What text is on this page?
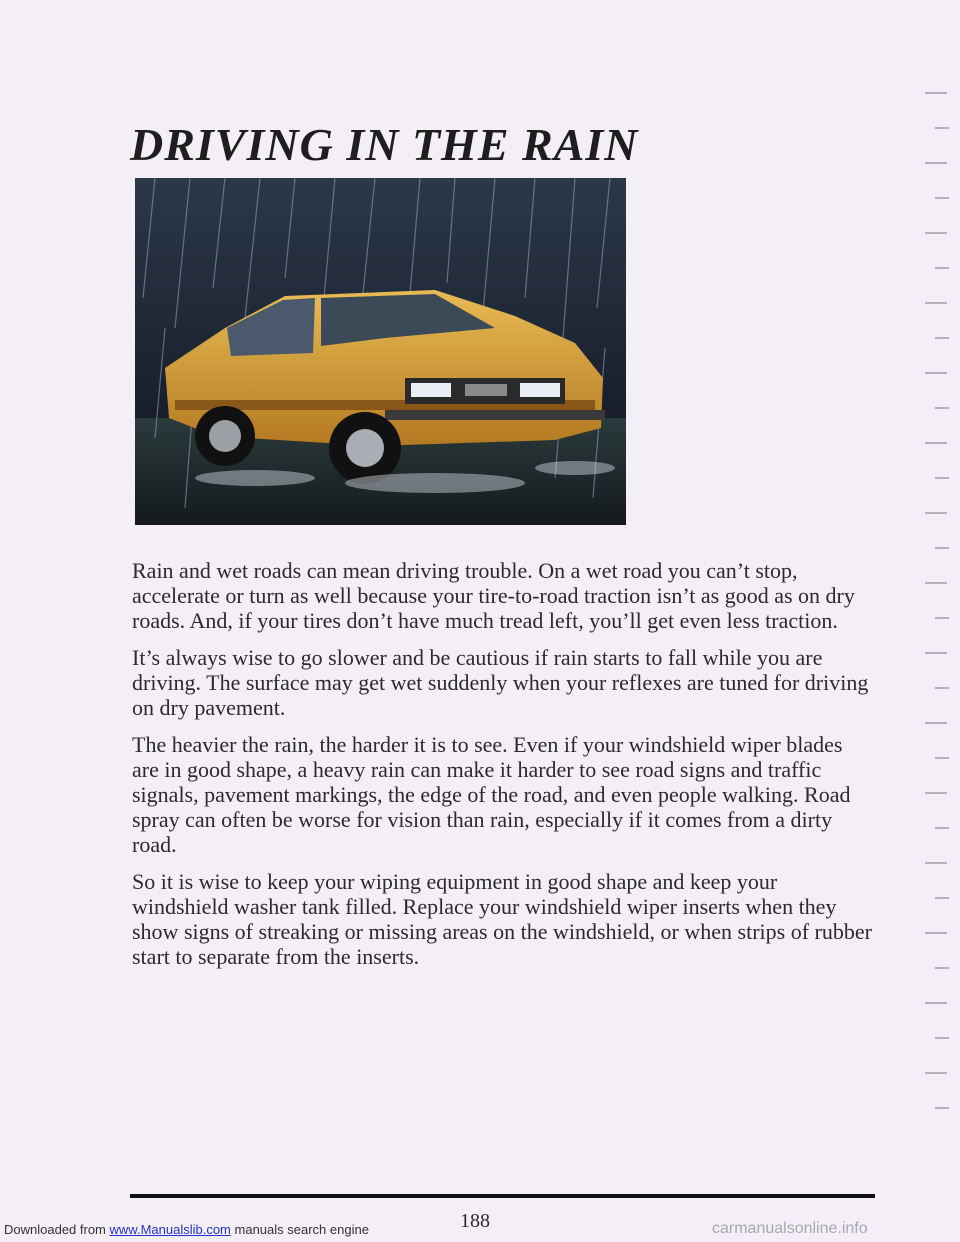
DRIVING IN THE RAIN

Rain and wet roads can mean driving trouble. On a wet road you can’t stop, accelerate or turn as well because your tire-to-road traction isn’t as good as on dry roads. And, if your tires don’t have much tread left, you’ll get even less traction.

It’s always wise to go slower and be cautious if rain starts to fall while you are driving. The surface may get wet suddenly when your reflexes are tuned for driving on dry pavement.

The heavier the rain, the harder it is to see. Even if your windshield wiper blades are in good shape, a heavy rain can make it harder to see road signs and traffic signals, pavement markings, the edge of the road, and even people walking. Road spray can often be worse for vision than rain, especially if it comes from a dirty road.

So it is wise to keep your wiping equipment in good shape and keep your windshield washer tank filled. Replace your windshield wiper inserts when they show signs of streaking or missing areas on the windshield, or when strips of rubber start to separate from the inserts.

188
Downloaded from www.Manualslib.com manuals search engine	carmanualsonline.info
